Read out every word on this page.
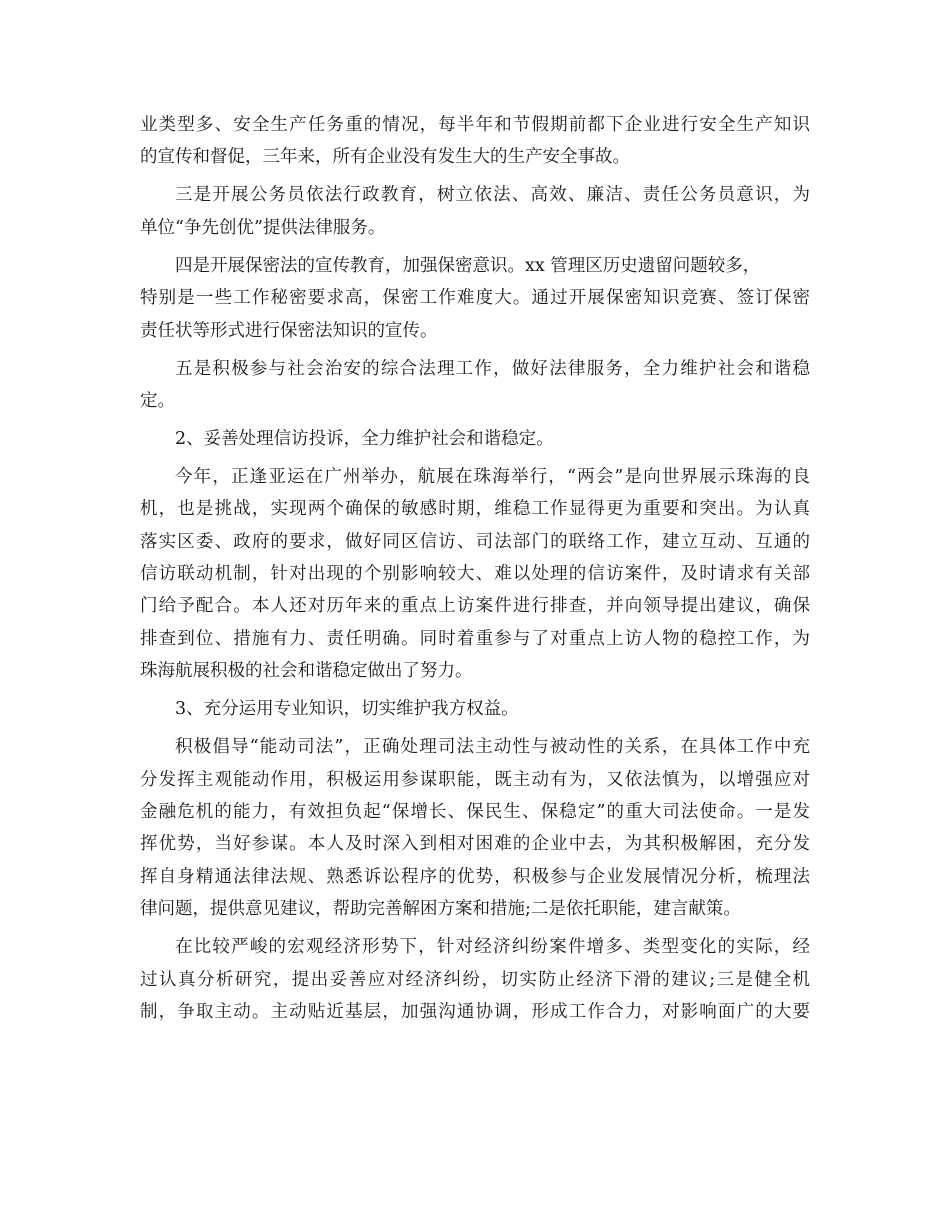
业类型多、安全生产任务重的情况，每半年和节假期前都下企业进行安全生产知识
的宣传和督促，三年来，所有企业没有发生大的生产安全事故。
三是开展公务员依法行政教育，树立依法、高效、廉洁、责任公务员意识，为
单位“争先创优”提供法律服务。
四是开展保密法的宣传教育，加强保密意识。xx 管理区历史遗留问题较多，
特别是一些工作秘密要求高，保密工作难度大。通过开展保密知识竞赛、签订保密
责任状等形式进行保密法知识的宣传。
五是积极参与社会治安的综合法理工作，做好法律服务，全力维护社会和谐稳
定。
2、妥善处理信访投诉，全力维护社会和谐稳定。
今年，正逢亚运在广州举办，航展在珠海举行，“两会”是向世界展示珠海的良
机，也是挑战，实现两个确保的敏感时期，维稳工作显得更为重要和突出。为认真
落实区委、政府的要求，做好同区信访、司法部门的联络工作，建立互动、互通的
信访联动机制，针对出现的个别影响较大、难以处理的信访案件，及时请求有关部
门给予配合。本人还对历年来的重点上访案件进行排查，并向领导提出建议，确保
排查到位、措施有力、责任明确。同时着重参与了对重点上访人物的稳控工作，为
珠海航展积极的社会和谐稳定做出了努力。
3、充分运用专业知识，切实维护我方权益。
积极倡导“能动司法”，正确处理司法主动性与被动性的关系，在具体工作中充
分发挥主观能动作用，积极运用参谋职能，既主动有为，又依法慎为，以增强应对
金融危机的能力，有效担负起“保增长、保民生、保稳定”的重大司法使命。一是发
挥优势，当好参谋。本人及时深入到相对困难的企业中去，为其积极解困，充分发
挥自身精通法律法规、熟悉诉讼程序的优势，积极参与企业发展情况分析，梳理法
律问题，提供意见建议，帮助完善解困方案和措施;二是依托职能，建言献策。
在比较严峻的宏观经济形势下，针对经济纠纷案件增多、类型变化的实际，经
过认真分析研究，提出妥善应对经济纠纷，切实防止经济下滑的建议;三是健全机
制，争取主动。主动贴近基层，加强沟通协调，形成工作合力，对影响面广的大要
